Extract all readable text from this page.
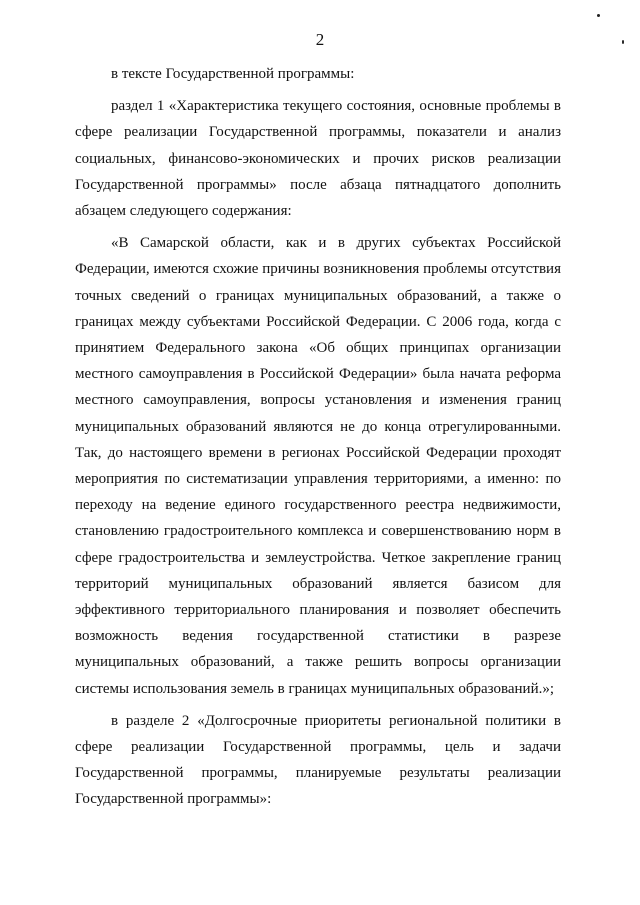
2

в тексте Государственной программы:

раздел 1 «Характеристика текущего состояния, основные проблемы в сфере реализации Государственной программы, показатели и анализ социальных, финансово-экономических и прочих рисков реализации Государственной программы» после абзаца пятнадцатого дополнить абзацем следующего содержания:

«В Самарской области, как и в других субъектах Российской Федерации, имеются схожие причины возникновения проблемы отсутствия точных сведений о границах муниципальных образований, а также о границах между субъектами Российской Федерации. С 2006 года, когда с принятием Федерального закона «Об общих принципах организации местного самоуправления в Российской Федерации» была начата реформа местного самоуправления, вопросы установления и изменения границ муниципальных образований являются не до конца отрегулированными. Так, до настоящего времени в регионах Российской Федерации проходят мероприятия по систематизации управления территориями, а именно: по переходу на ведение единого государственного реестра недвижимости, становлению градостроительного комплекса и совершенствованию норм в сфере градостроительства и землеустройства. Четкое закрепление границ территорий муниципальных образований является базисом для эффективного территориального планирования и позволяет обеспечить возможность ведения государственной статистики в разрезе муниципальных образований, а также решить вопросы организации системы использования земель в границах муниципальных образований.»;

в разделе 2 «Долгосрочные приоритеты региональной политики в сфере реализации Государственной программы, цель и задачи Государственной программы, планируемые результаты реализации Государственной программы»:
